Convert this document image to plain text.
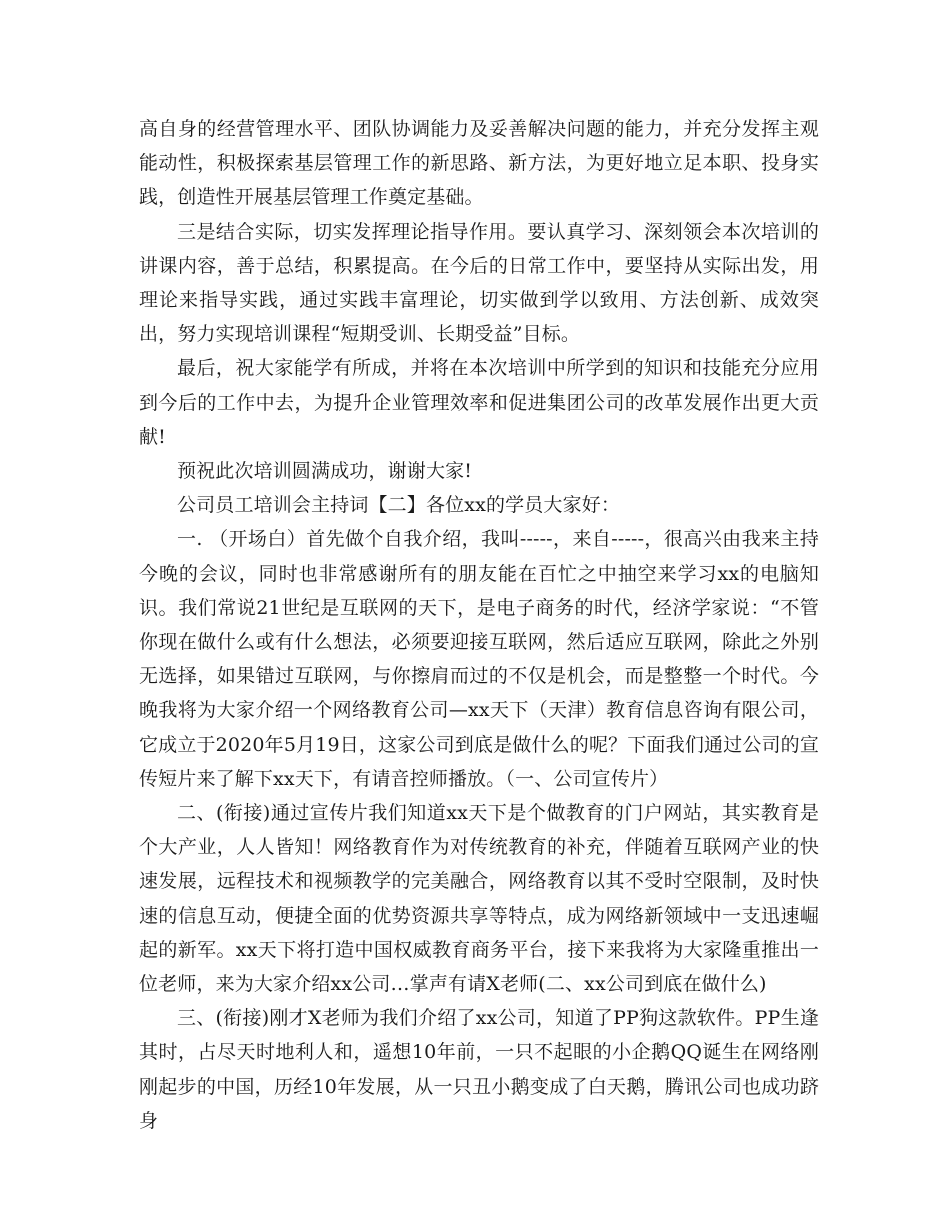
高自身的经营管理水平、团队协调能力及妥善解决问题的能力，并充分发挥主观能动性，积极探索基层管理工作的新思路、新方法，为更好地立足本职、投身实践，创造性开展基层管理工作奠定基础。

三是结合实际，切实发挥理论指导作用。要认真学习、深刻领会本次培训的讲课内容，善于总结，积累提高。在今后的日常工作中，要坚持从实际出发，用理论来指导实践，通过实践丰富理论，切实做到学以致用、方法创新、成效突出，努力实现培训课程“短期受训、长期受益”目标。

最后，祝大家能学有所成，并将在本次培训中所学到的知识和技能充分应用到今后的工作中去，为提升企业管理效率和促进集团公司的改革发展作出更大贡献!

预祝此次培训圆满成功，谢谢大家!

公司员工培训会主持词【二】各位xx的学员大家好：

一. （开场白）首先做个自我介绍，我叫-----，来自-----，很高兴由我来主持今晚的会议，同时也非常感谢所有的朋友能在百忙之中抽空来学习xx的电脑知识。我们常说21世纪是互联网的天下，是电子商务的时代，经济学家说：“不管你现在做什么或有什么想法，必须要迎接互联网，然后适应互联网，除此之外别无选择，如果错过互联网，与你擦肩而过的不仅是机会，而是整整一个时代。今晚我将为大家介绍一个网络教育公司—xx天下（天津）教育信息咨询有限公司，它成立于2020年5月19日，这家公司到底是做什么的呢？下面我们通过公司的宣传短片来了解下xx天下，有请音控师播放。（一、公司宣传片）

二、(衔接)通过宣传片我们知道xx天下是个做教育的门户网站，其实教育是个大产业，人人皆知！网络教育作为对传统教育的补充，伴随着互联网产业的快速发展，远程技术和视频教学的完美融合，网络教育以其不受时空限制，及时快速的信息互动，便捷全面的优势资源共享等特点，成为网络新领域中一支迅速崛起的新军。xx天下将打造中国权威教育商务平台，接下来我将为大家隆重推出一位老师，来为大家介绍xx公司…掌声有请X老师(二、xx公司到底在做什么)

三、(衔接)刚才X老师为我们介绍了xx公司，知道了PP狗这款软件。PP生逢其时，占尽天时地利人和，遥想10年前，一只不起眼的小企鹅QQ诞生在网络刚刚起步的中国，历经10年发展，从一只丑小鹅变成了白天鹅，腾讯公司也成功跻身
